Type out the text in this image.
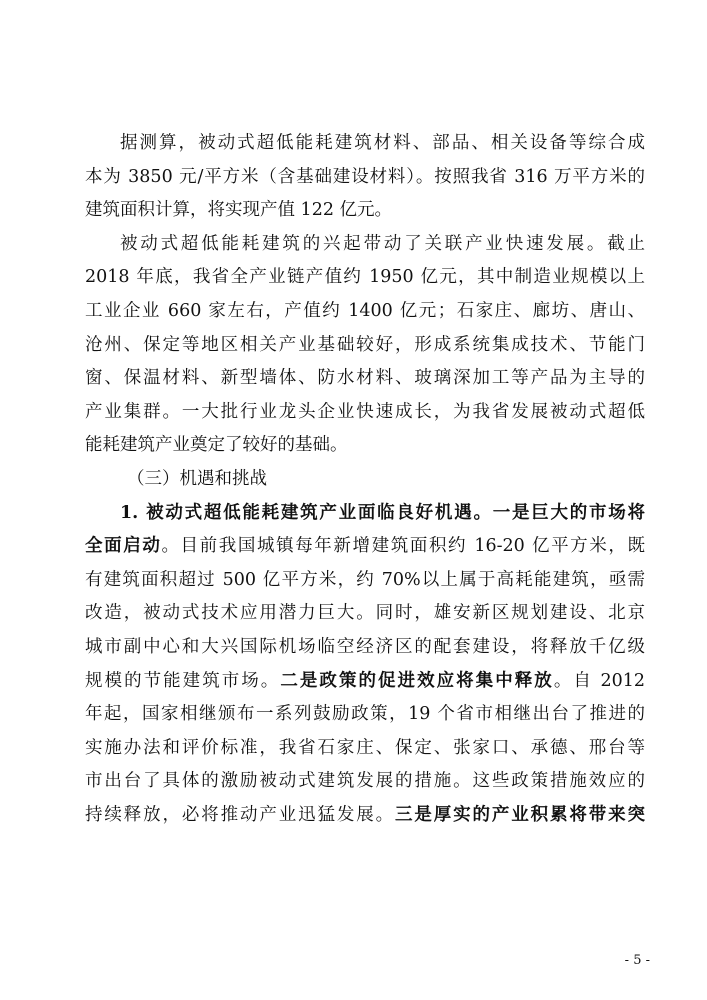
据测算，被动式超低能耗建筑材料、部品、相关设备等综合成
本为 3850 元/平方米（含基础建设材料）。按照我省 316 万平方米的
建筑面积计算，将实现产值 122 亿元。
被动式超低能耗建筑的兴起带动了关联产业快速发展。截止
2018 年底，我省全产业链产值约 1950 亿元，其中制造业规模以上
工业企业 660 家左右，产值约 1400 亿元；石家庄、廊坊、唐山、
沧州、保定等地区相关产业基础较好，形成系统集成技术、节能门
窗、保温材料、新型墙体、防水材料、玻璃深加工等产品为主导的
产业集群。一大批行业龙头企业快速成长，为我省发展被动式超低
能耗建筑产业奠定了较好的基础。
（三）机遇和挑战
1. 被动式超低能耗建筑产业面临良好机遇。一是巨大的市场将
全面启动。目前我国城镇每年新增建筑面积约 16-20 亿平方米，既
有建筑面积超过 500 亿平方米，约 70%以上属于高耗能建筑，亟需
改造，被动式技术应用潜力巨大。同时，雄安新区规划建设、北京
城市副中心和大兴国际机场临空经济区的配套建设，将释放千亿级
规模的节能建筑市场。二是政策的促进效应将集中释放。自 2012
年起，国家相继颁布一系列鼓励政策，19 个省市相继出台了推进的
实施办法和评价标准，我省石家庄、保定、张家口、承德、邢台等
市出台了具体的激励被动式建筑发展的措施。这些政策措施效应的
持续释放，必将推动产业迅猛发展。三是厚实的产业积累将带来突
- 5 -
